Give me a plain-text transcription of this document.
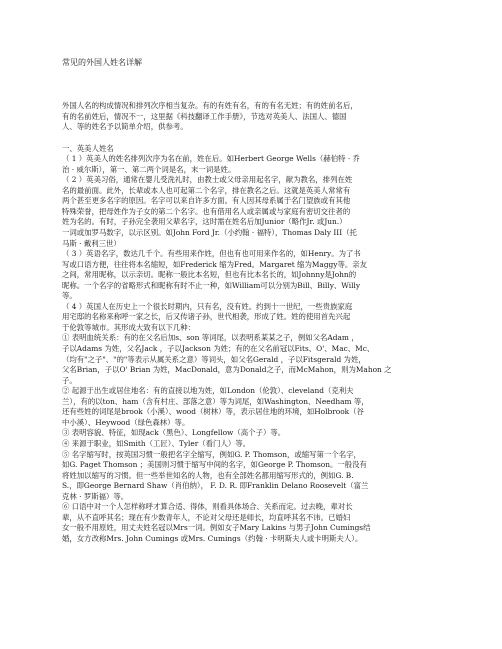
常见的外国人姓名详解

外国人名的构成情况和排列次序相当复杂。有的有姓有名，有的有名无姓；有的姓前名后，

有的名前姓后，情况不一，这里据《科技翻译工作手册》，节选对英美人、法国人、德国

人、等的姓名予以简单介绍，供参考。

一、英美人姓名

（ 1 ）英美人的姓名排列次序为名在前，姓在后。如Herbert George Wells（赫伯特 · 乔

治 · 威尔斯），第一、第二两个词是名，末一词是姓。

（ 2 ）英美习俗，通常在婴儿受洗礼时，由教士或父母亲用起名字，献为教名，排列在姓

名的最前面。此外，长辈或本人也可起第二个名字，排在教名之后。这就是英美人常常有

两个甚至更多名字的原因。名字可以来自许多方面。有人因其母系属于名门望族或有其他

特殊荣誉，把母姓作为子女的第二个名字。也有借用名人或亲属或与家庭有密切交往者的

姓为名的。有时，子孙完全袭用父辈名字，这时需在姓名后加Junior（略作Jr. 或Jun.）

一词或加罗马数字，以示区别。如John Ford Jr.（小约翰 · 福特），Thomas Daly III（托

马斯 · 戴利三世）

（ 3 ）英语名字，数达几千个。有些用来作姓，但也有也可用来作名的，如Henry。为了书

写或口语方便，往往将本名缩短，如Frederick 缩为Fred。Margaret 缩为Maggy等。亲友

之间，常用昵称，以示亲切。昵称一般比本名短，但也有比本名长的，如Johnny是John的

昵称。一个名字的省略形式和昵称有时不止一种，如William可以分别为Bill、Billy、Willy

等。

（ 4 ）英国人在历史上一个很长时期内，只有名，没有姓。约到十一世纪，一些贵族家庭

用宅邸的名称来称呼一家之长，后又传诸子孙，世代相袭，形成了姓。姓的使用首先兴起

于伦敦等城市。其形成大致有以下几种：

① 表明血统关系：有的在父名后加s、son 等词尾，以表明系某某之子，例如父名Adam ，

子以Adams 为姓，父名Jack ，子以Jackson 为姓；有的在父名前冠以Fits、O'、Mac、Mc、

（均有"之子"、"的"等表示从属关系之意）等词头，如父名Gerald ，子以Fitsgerald 为姓，

父名Brian，子以O' Brian 为姓，MacDonald，意为Donald之子，而McMahon，则为Mahon 之

子。

② 起源于出生或居住地名：有的直接以地为姓，如London（伦敦）、cleveland（克利夫

兰），有的以ton、ham（含有村庄、部落之意）等为词尾，如Washington、Needham 等，

还有些姓的词尾是brook（小溪）、wood（树林）等，表示居住地的环境，如Holbrook（谷

中小溪）、Heywood（绿色森林）等。

③ 表明容貌、特征，如现ack（黑色）、Longfellow（高个子）等。

④ 来源于职业，如Smith（工匠）、Tyler（看门人）等。

⑤ 名字缩写时，按英国习惯一般把名字全缩写，例如G. P. Thomson，或缩写第一个名字，

如G. Paget Thomson ；美国则习惯于缩写中间的名字，如George P. Thomson。一般没有

将姓加以缩写的习惯。但一些举世知名的人物，也有全部姓名都用缩写形式的，例如G. B.

S.，即George Bernard Shaw（肖伯纳）， F. D. R. 即Franklin Delano Roosevelt（富兰

克林 · 罗斯福）等。

⑥ 口语中对一个人怎样称呼才算合适、得体，则看具体场合、关系而定。过去晚，辈对长

辈，从不直呼其名；现在有少数青年人，不论对父母还是师长，均直呼其名不讳。已婚妇

女一般不用原姓，用丈夫姓名冠以Mrs一词。例如女子Mary Lakins 与男子John Cumings结

婚，女方改称Mrs. John Cumings 或Mrs. Cumings（约翰 · 卡明斯夫人或卡明斯夫人）。
